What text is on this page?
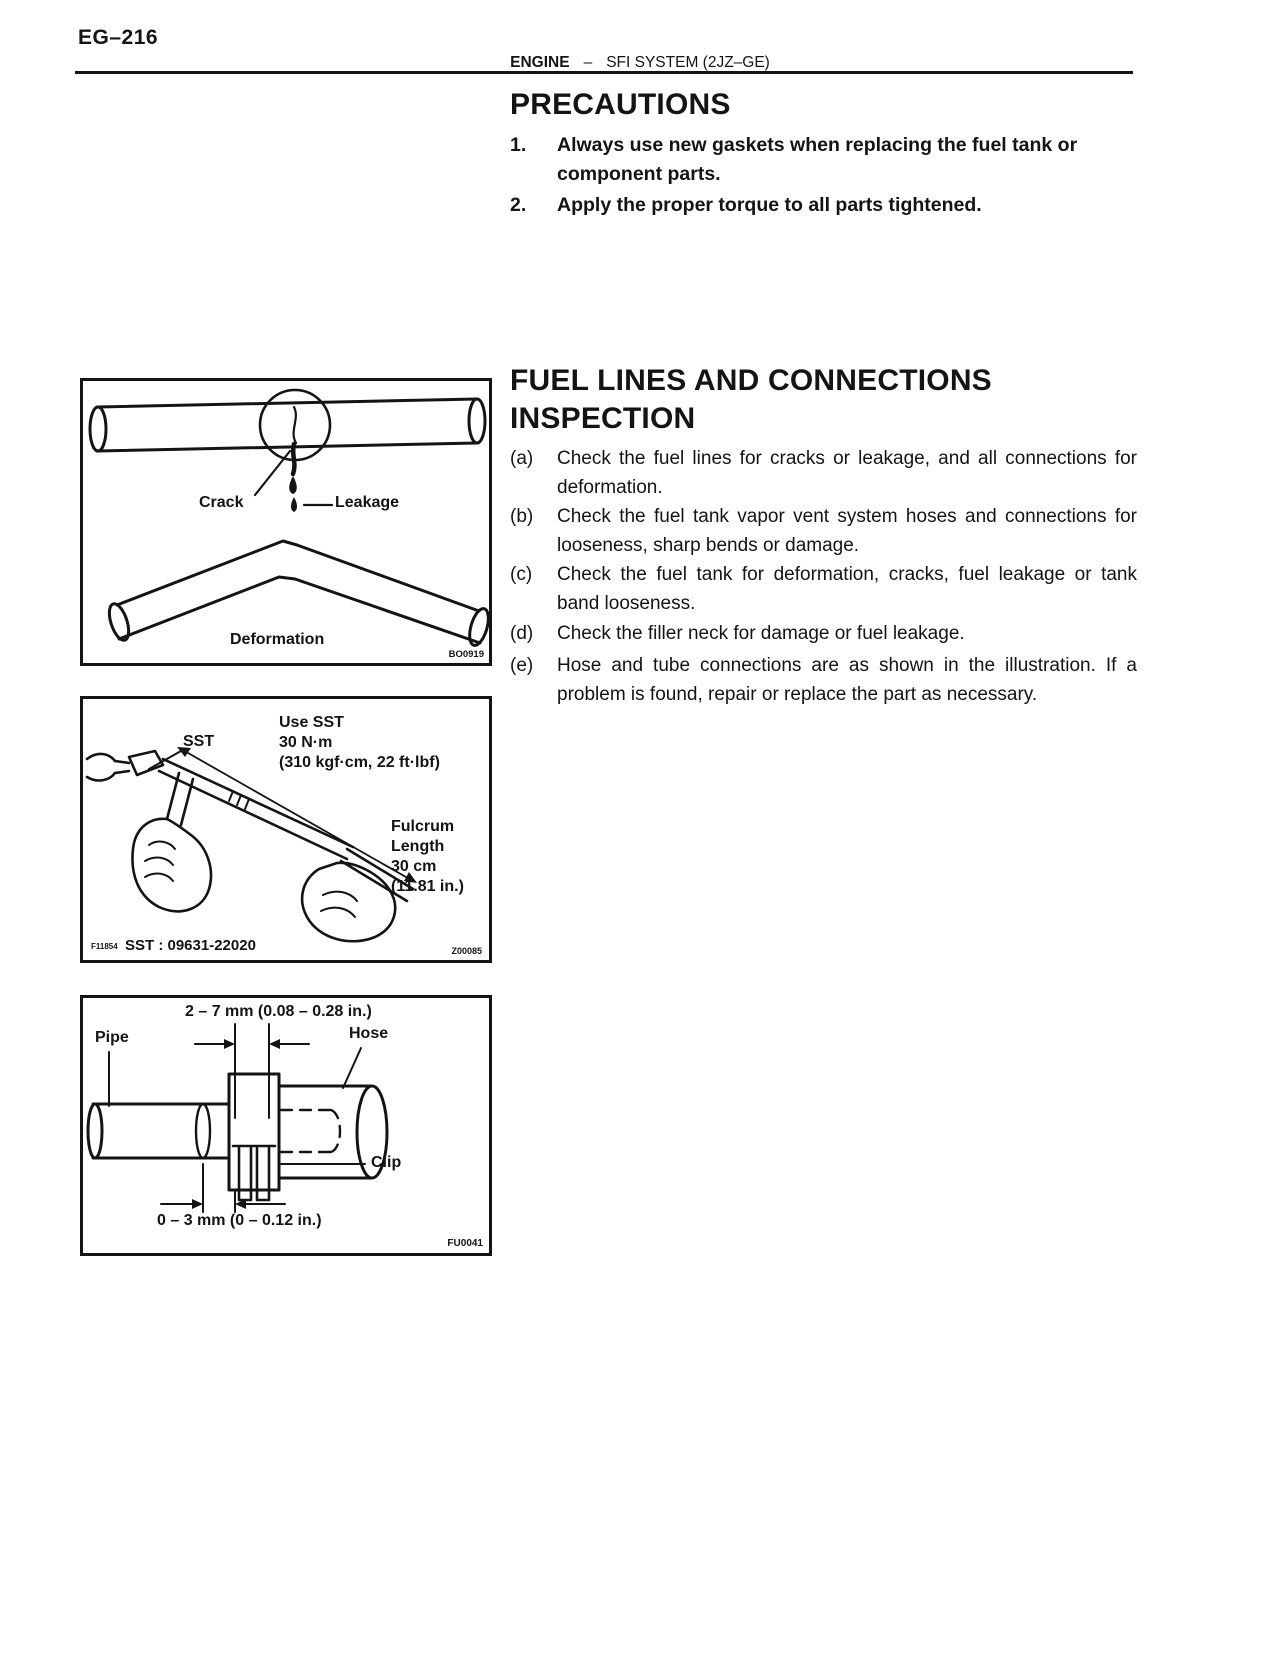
EG–216
ENGINE – SFI SYSTEM (2JZ–GE)
PRECAUTIONS
1.	Always use new gaskets when replacing the fuel tank or component parts.
2.	Apply the proper torque to all parts tightened.
FUEL LINES AND CONNECTIONS INSPECTION
(a)	Check the fuel lines for cracks or leakage, and all connections for deformation.
(b)	Check the fuel tank vapor vent system hoses and connections for looseness, sharp bends or damage.
(c)	Check the fuel tank for deformation, cracks, fuel leakage or tank band looseness.
(d)	Check the filler neck for damage or fuel leakage.
(e)	Hose and tube connections are as shown in the illustration. If a problem is found, repair or replace the part as necessary.
Crack	Leakage
Deformation
BO0919
SST
Use SST
30 N·m
(310 kgf·cm, 22 ft·lbf)
Fulcrum
Length
30 cm
(11.81 in.)
F11854 SST : 09631-22020	Z00085
2 – 7 mm (0.08 – 0.28 in.)
Pipe	Hose
Clip
0 – 3 mm (0 – 0.12 in.)
FU0041
